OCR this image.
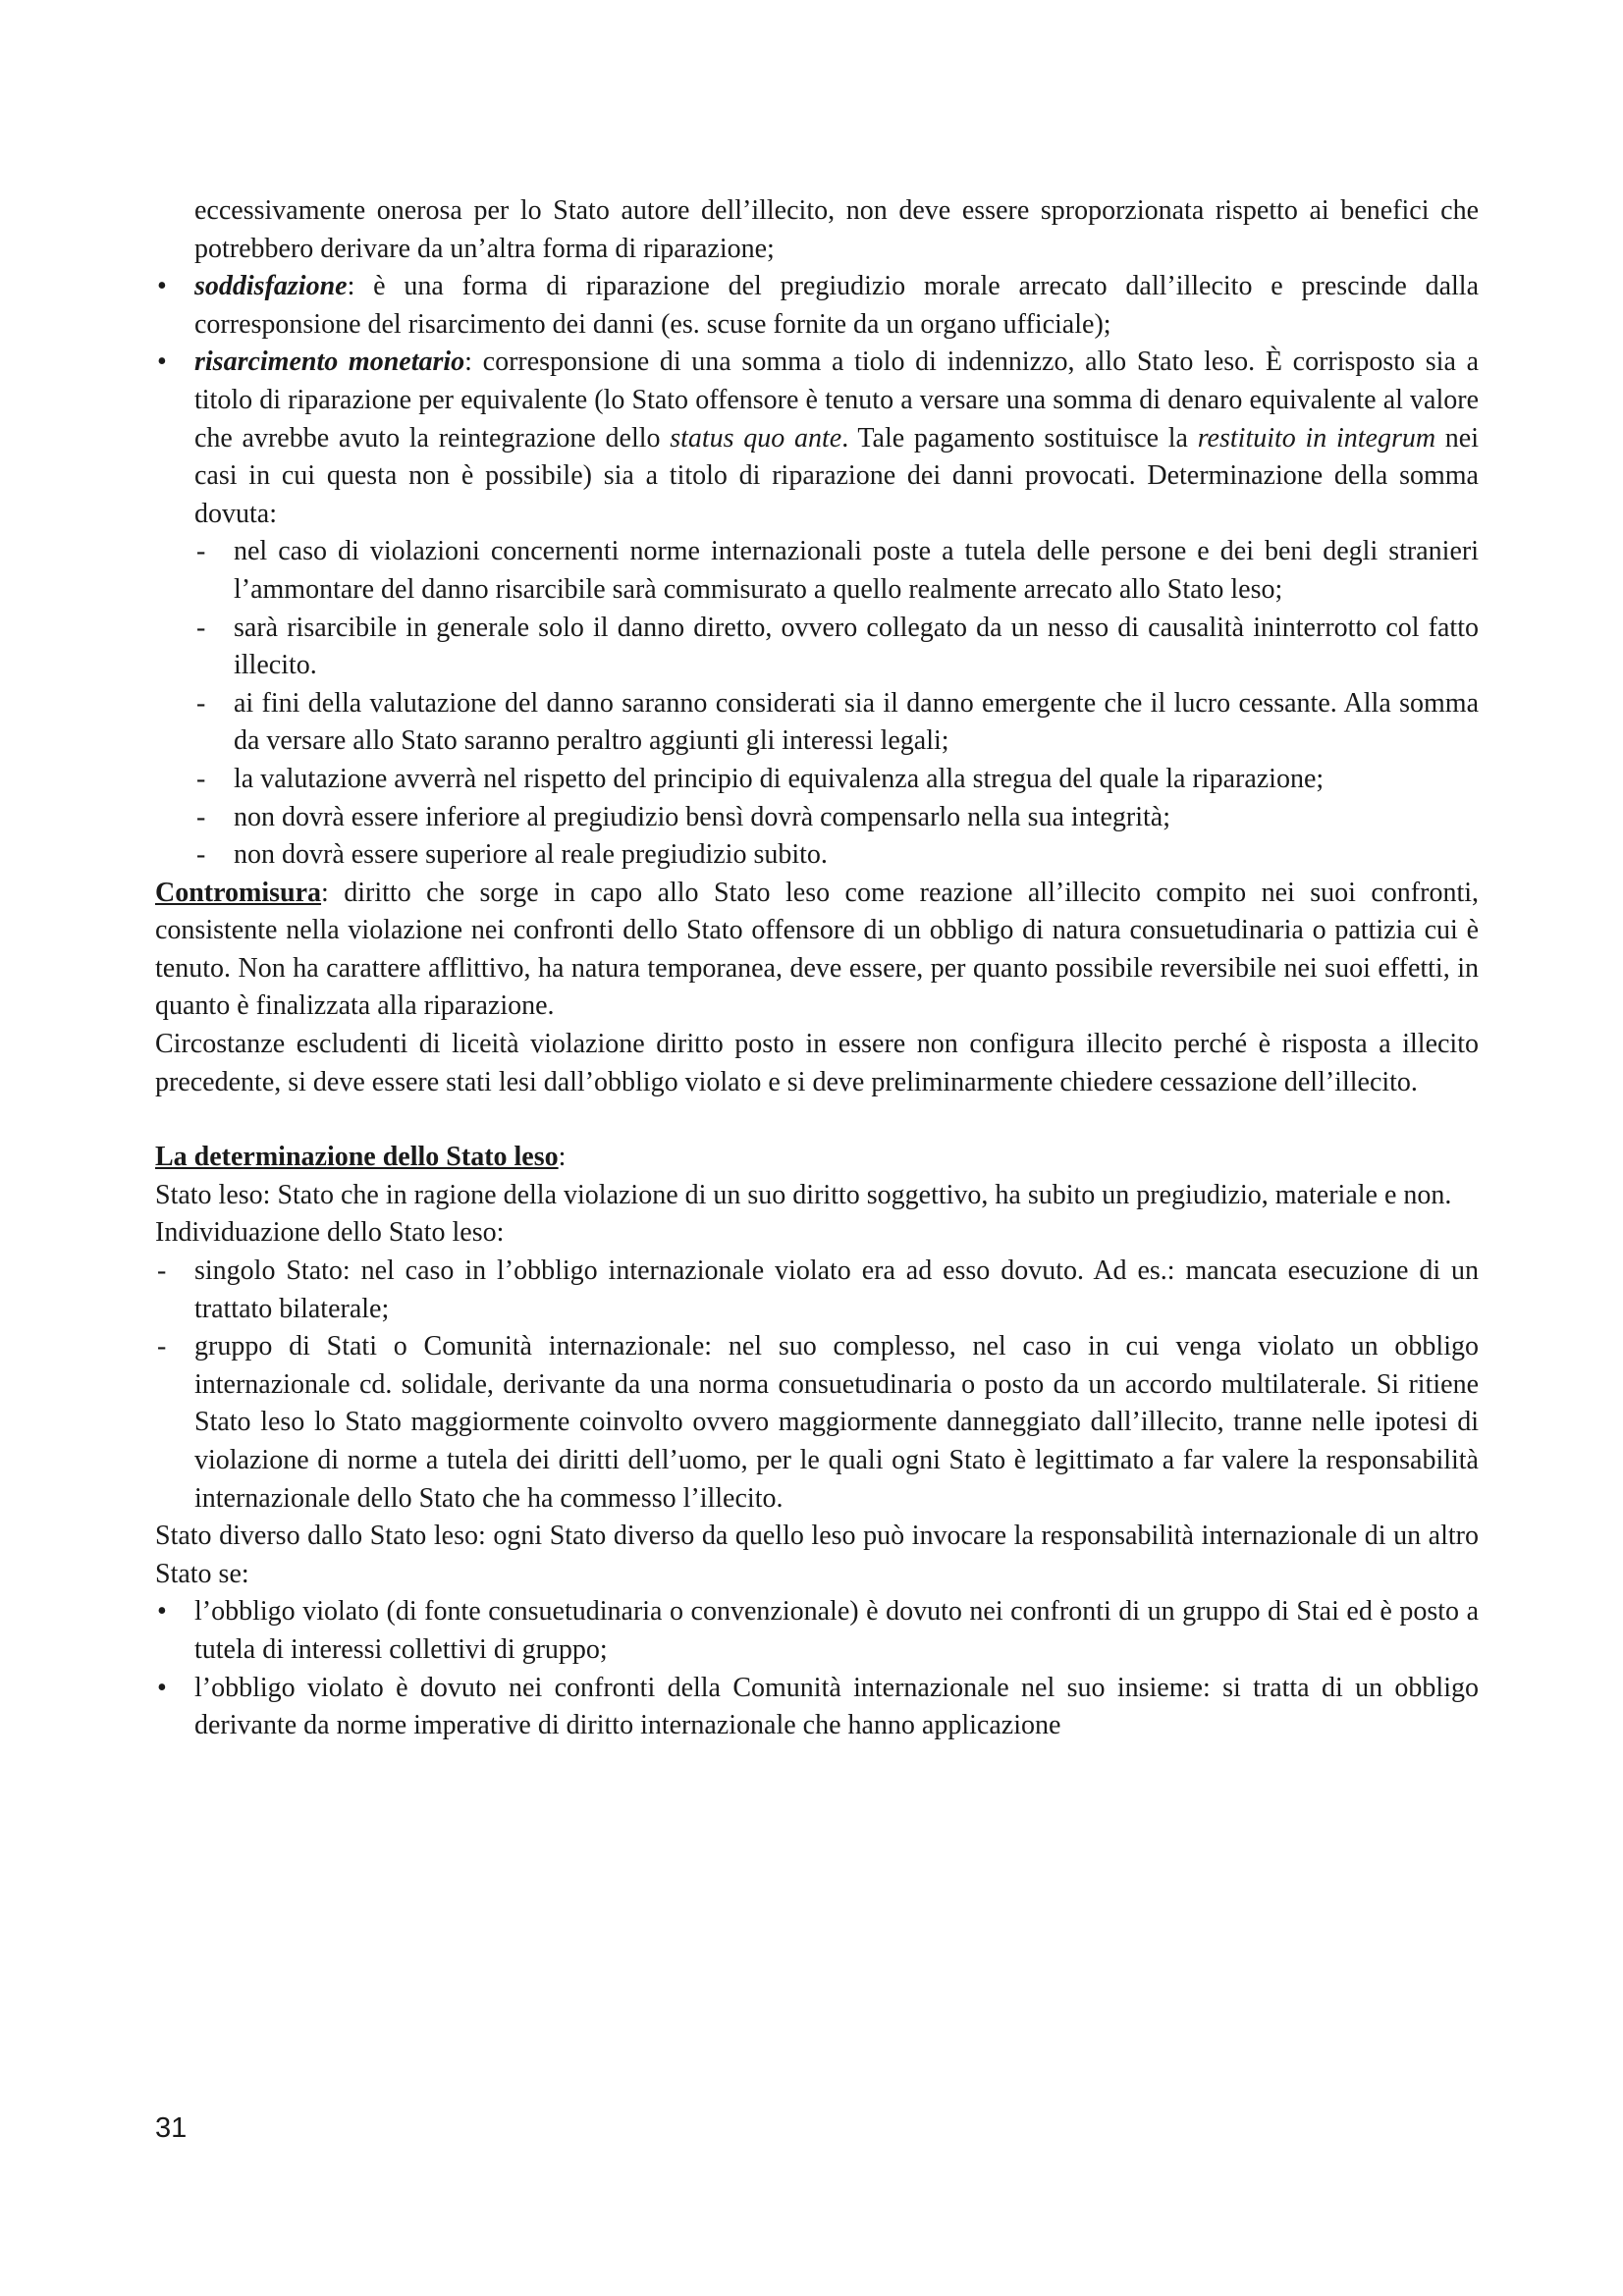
eccessivamente onerosa per lo Stato autore dell’illecito, non deve essere sproporzionata rispetto ai benefici che potrebbero derivare da un’altra forma di riparazione;

•	soddisfazione: è una forma di riparazione del pregiudizio morale arrecato dall’illecito e prescinde dalla corresponsione del risarcimento dei danni (es. scuse fornite da un organo ufficiale);

•	risarcimento monetario: corresponsione di una somma a tiolo di indennizzo, allo Stato leso. È corrisposto sia a titolo di riparazione per equivalente (lo Stato offensore è tenuto a versare una somma di denaro equivalente al valore che avrebbe avuto la reintegrazione dello status quo ante. Tale pagamento sostituisce la restituito in integrum nei casi in cui questa non è possibile) sia a titolo di riparazione dei danni provocati. Determinazione della somma dovuta:

-	nel caso di violazioni concernenti norme internazionali poste a tutela delle persone e dei beni degli stranieri l’ammontare del danno risarcibile sarà commisurato a quello realmente arrecato allo Stato leso;

-	sarà risarcibile in generale solo il danno diretto, ovvero collegato da un nesso di causalità ininterrotto col fatto illecito.

-	ai fini della valutazione del danno saranno considerati sia il danno emergente che il lucro cessante. Alla somma da versare allo Stato saranno peraltro aggiunti gli interessi legali;

-	la valutazione avverrà nel rispetto del principio di equivalenza alla stregua del quale la riparazione;

-	non dovrà essere inferiore al pregiudizio bensì dovrà compensarlo nella sua integrità;

-	non dovrà essere superiore al reale pregiudizio subito.

Contromisura: diritto che sorge in capo allo Stato leso come reazione all’illecito compito nei suoi confronti, consistente nella violazione nei confronti dello Stato offensore di un obbligo di natura consuetudinaria o pattizia cui è tenuto. Non ha carattere afflittivo, ha natura temporanea, deve essere, per quanto possibile reversibile nei suoi effetti, in quanto è finalizzata alla riparazione.

Circostanze escludenti di liceità violazione diritto posto in essere non configura illecito perché è risposta a illecito precedente, si deve essere stati lesi dall’obbligo violato e si deve preliminarmente chiedere cessazione dell’illecito.

La determinazione dello Stato leso:

Stato leso: Stato che in ragione della violazione di un suo diritto soggettivo, ha subito un pregiudizio, materiale e non.

Individuazione dello Stato leso:

-	singolo Stato: nel caso in l’obbligo internazionale violato era ad esso dovuto. Ad es.: mancata esecuzione di un trattato bilaterale;

-	gruppo di Stati o Comunità internazionale: nel suo complesso, nel caso in cui venga violato un obbligo internazionale cd. solidale, derivante da una norma consuetudinaria o posto da un accordo multilaterale. Si ritiene Stato leso lo Stato maggiormente coinvolto ovvero maggiormente danneggiato dall’illecito, tranne nelle ipotesi di violazione di norme a tutela dei diritti dell’uomo, per le quali ogni Stato è legittimato a far valere la responsabilità internazionale dello Stato che ha commesso l’illecito.

Stato diverso dallo Stato leso: ogni Stato diverso da quello leso può invocare la responsabilità internazionale di un altro Stato se:

•	l’obbligo violato (di fonte consuetudinaria o convenzionale) è dovuto nei confronti di un gruppo di Stai ed è posto a tutela di interessi collettivi di gruppo;

•	l’obbligo violato è dovuto nei confronti della Comunità internazionale nel suo insieme: si tratta di un obbligo derivante da norme imperative di diritto internazionale che hanno applicazione

31
